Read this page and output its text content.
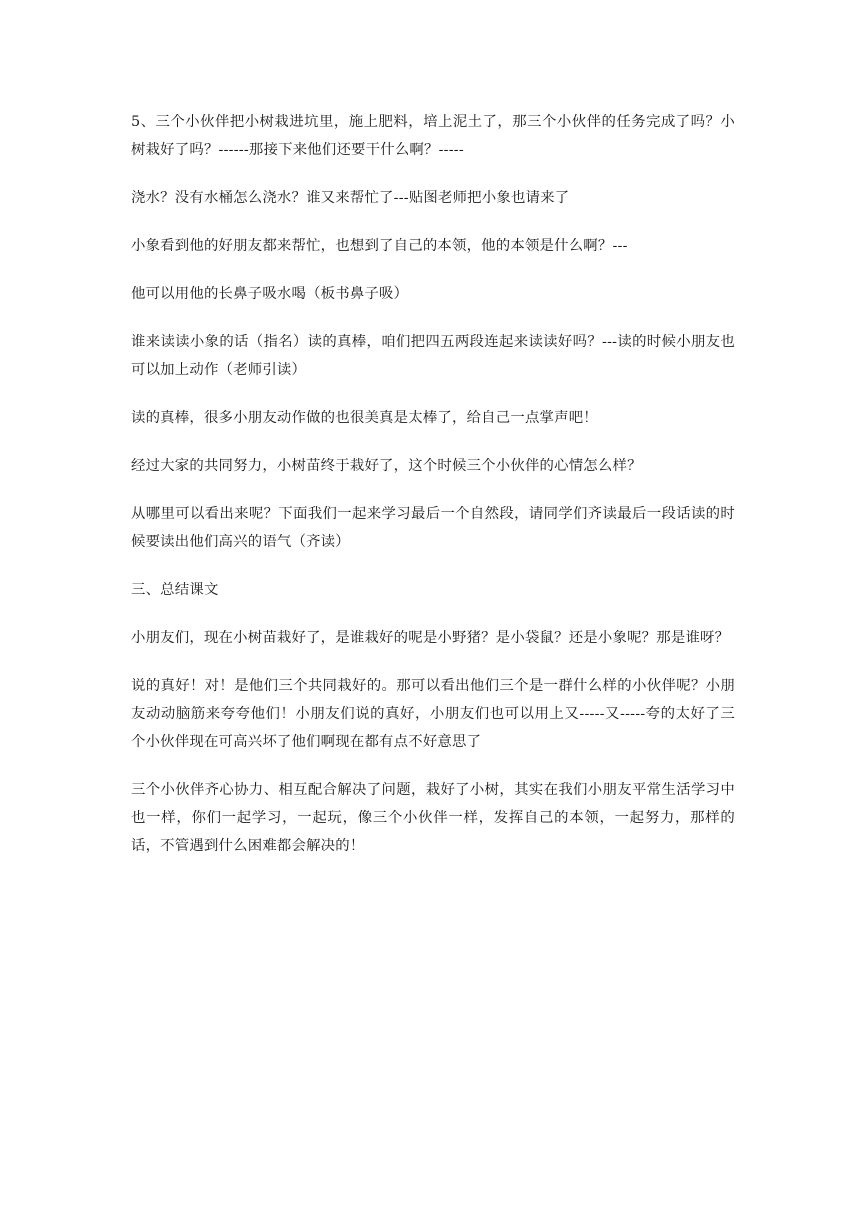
5、三个小伙伴把小树栽进坑里，施上肥料，培上泥土了，那三个小伙伴的任务完成了吗？小树栽好了吗？------那接下来他们还要干什么啊？-----

浇水？没有水桶怎么浇水？谁又来帮忙了---贴图老师把小象也请来了

小象看到他的好朋友都来帮忙，也想到了自己的本领，他的本领是什么啊？---

他可以用他的长鼻子吸水喝（板书鼻子吸）

谁来读读小象的话（指名）读的真棒，咱们把四五两段连起来读读好吗？---读的时候小朋友也可以加上动作（老师引读）

读的真棒，很多小朋友动作做的也很美真是太棒了，给自己一点掌声吧！

经过大家的共同努力，小树苗终于栽好了，这个时候三个小伙伴的心情怎么样？

从哪里可以看出来呢？下面我们一起来学习最后一个自然段，请同学们齐读最后一段话读的时候要读出他们高兴的语气（齐读）

三、总结课文

小朋友们，现在小树苗栽好了，是谁栽好的呢是小野猪？是小袋鼠？还是小象呢？那是谁呀？

说的真好！对！是他们三个共同栽好的。那可以看出他们三个是一群什么样的小伙伴呢？小朋友动动脑筋来夸夸他们！小朋友们说的真好，小朋友们也可以用上又-----又-----夸的太好了三个小伙伴现在可高兴坏了他们啊现在都有点不好意思了

三个小伙伴齐心协力、相互配合解决了问题，栽好了小树，其实在我们小朋友平常生活学习中也一样，你们一起学习，一起玩，像三个小伙伴一样，发挥自己的本领，一起努力，那样的话，不管遇到什么困难都会解决的！
